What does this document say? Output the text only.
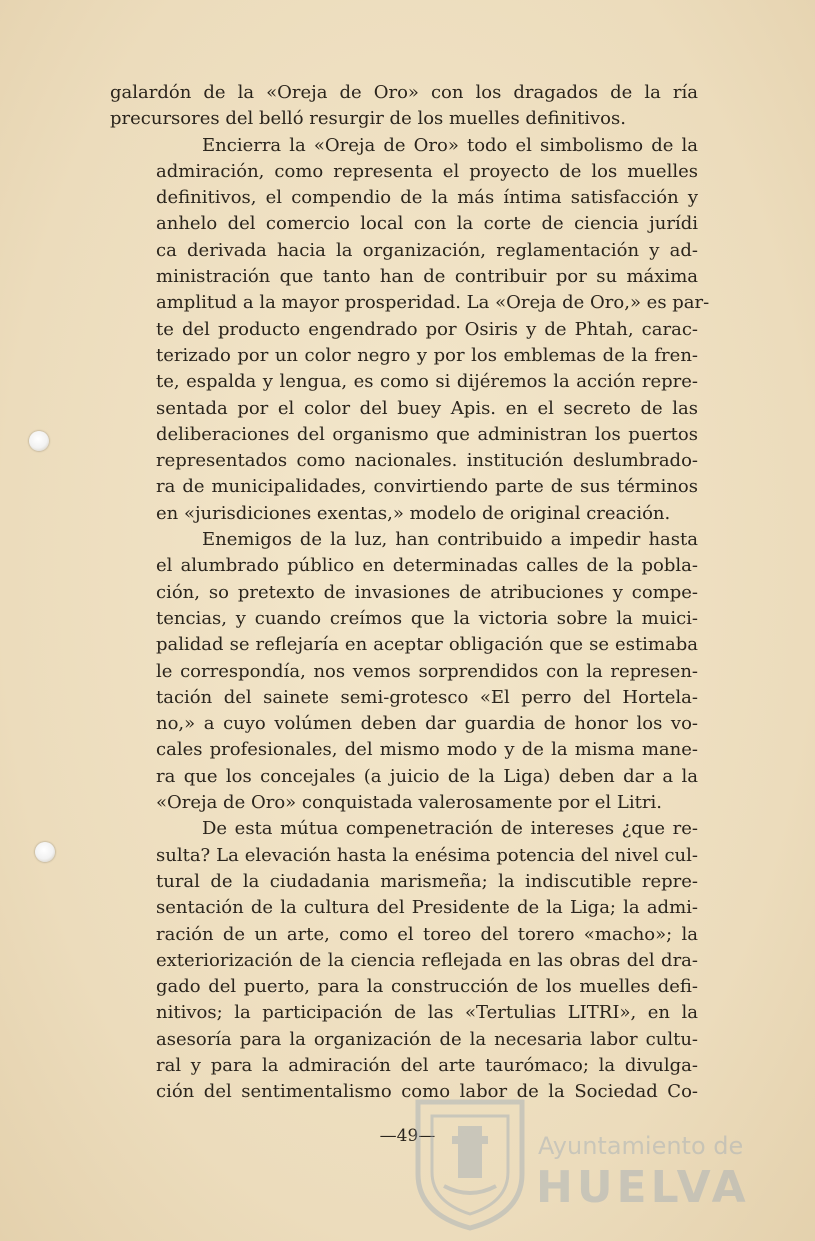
galardón de la «Oreja de Oro» con los dragados de la ría
precursores del belló resurgir de los muelles definitivos.

Encierra la «Oreja de Oro» todo el simbolismo de la
admiración, como representa el proyecto de los muelles
definitivos, el compendio de la más íntima satisfacción y
anhelo del comercio local con la corte de ciencia jurídi
ca derivada hacia la organización, reglamentación y ad-
ministración que tanto han de contribuir por su máxima
amplitud a la mayor prosperidad. La «Oreja de Oro,» es par-
te del producto engendrado por Osiris y de Phtah, carac-
terizado por un color negro y por los emblemas de la fren-
te, espalda y lengua, es como si dijéremos la acción repre-
sentada por el color del buey Apis. en el secreto de las
deliberaciones del organismo que administran los puertos
representados como nacionales. institución deslumbrado-
ra de municipalidades, convirtiendo parte de sus términos
en «jurisdiciones exentas,» modelo de original creación.

Enemigos de la luz, han contribuido a impedir hasta
el alumbrado público en determinadas calles de la pobla-
ción, so pretexto de invasiones de atribuciones y compe-
tencias, y cuando creímos que la victoria sobre la muici-
palidad se reflejaría en aceptar obligación que se estimaba
le correspondía, nos vemos sorprendidos con la represen-
tación del sainete semi-grotesco «El perro del Hortela-
no,» a cuyo volúmen deben dar guardia de honor los vo-
cales profesionales, del mismo modo y de la misma mane-
ra que los concejales (a juicio de la Liga) deben dar a la
«Oreja de Oro» conquistada valerosamente por el Litri.

De esta mútua compenetración de intereses ¿que re-
sulta? La elevación hasta la enésima potencia del nivel cul-
tural de la ciudadania marismeña; la indiscutible repre-
sentación de la cultura del Presidente de la Liga; la admi-
ración de un arte, como el toreo del torero «macho»; la
exteriorización de la ciencia reflejada en las obras del dra-
gado del puerto, para la construcción de los muelles defi-
nitivos; la participación de las «Tertulias LITRI», en la
asesoría para la organización de la necesaria labor cultu-
ral y para la admiración del arte taurómaco; la divulga-
ción del sentimentalismo como labor de la Sociedad Co-

—49—	Ayuntamiento de
HUELVA
